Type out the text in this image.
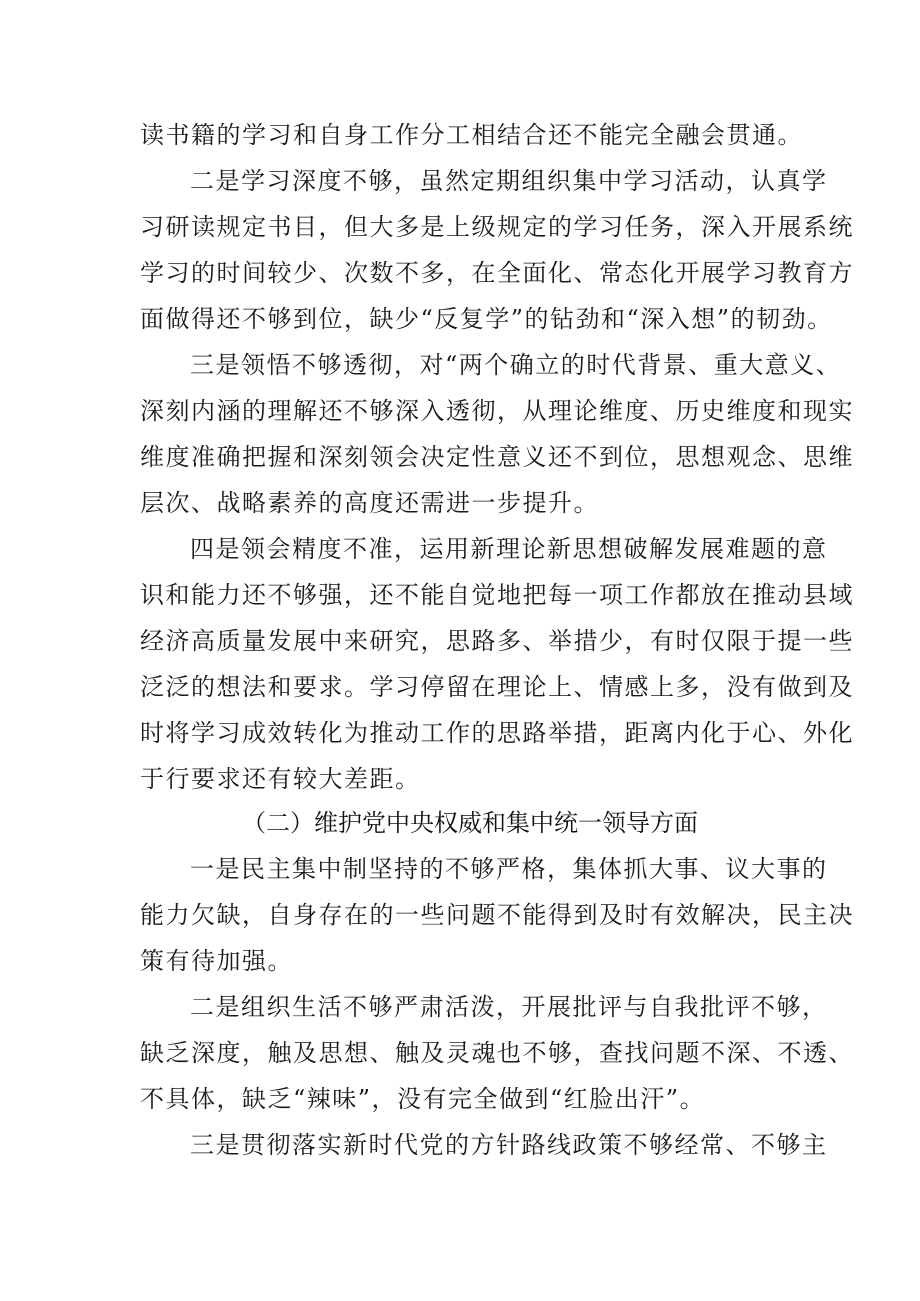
读书籍的学习和自身工作分工相结合还不能完全融会贯通。
二是学习深度不够，虽然定期组织集中学习活动，认真学
习研读规定书目，但大多是上级规定的学习任务，深入开展系统
学习的时间较少、次数不多，在全面化、常态化开展学习教育方
面做得还不够到位，缺少“反复学”的钻劲和“深入想”的韧劲。
三是领悟不够透彻，对“两个确立的时代背景、重大意义、
深刻内涵的理解还不够深入透彻，从理论维度、历史维度和现实
维度准确把握和深刻领会决定性意义还不到位，思想观念、思维
层次、战略素养的高度还需进一步提升。
四是领会精度不准，运用新理论新思想破解发展难题的意
识和能力还不够强，还不能自觉地把每一项工作都放在推动县域
经济高质量发展中来研究，思路多、举措少，有时仅限于提一些
泛泛的想法和要求。学习停留在理论上、情感上多，没有做到及
时将学习成效转化为推动工作的思路举措，距离内化于心、外化
于行要求还有较大差距。
（二）维护党中央权威和集中统一领导方面
一是民主集中制坚持的不够严格，集体抓大事、议大事的
能力欠缺，自身存在的一些问题不能得到及时有效解决，民主决
策有待加强。
二是组织生活不够严肃活泼，开展批评与自我批评不够，
缺乏深度，触及思想、触及灵魂也不够，查找问题不深、不透、
不具体，缺乏“辣味”，没有完全做到“红脸出汗”。
三是贯彻落实新时代党的方针路线政策不够经常、不够主
